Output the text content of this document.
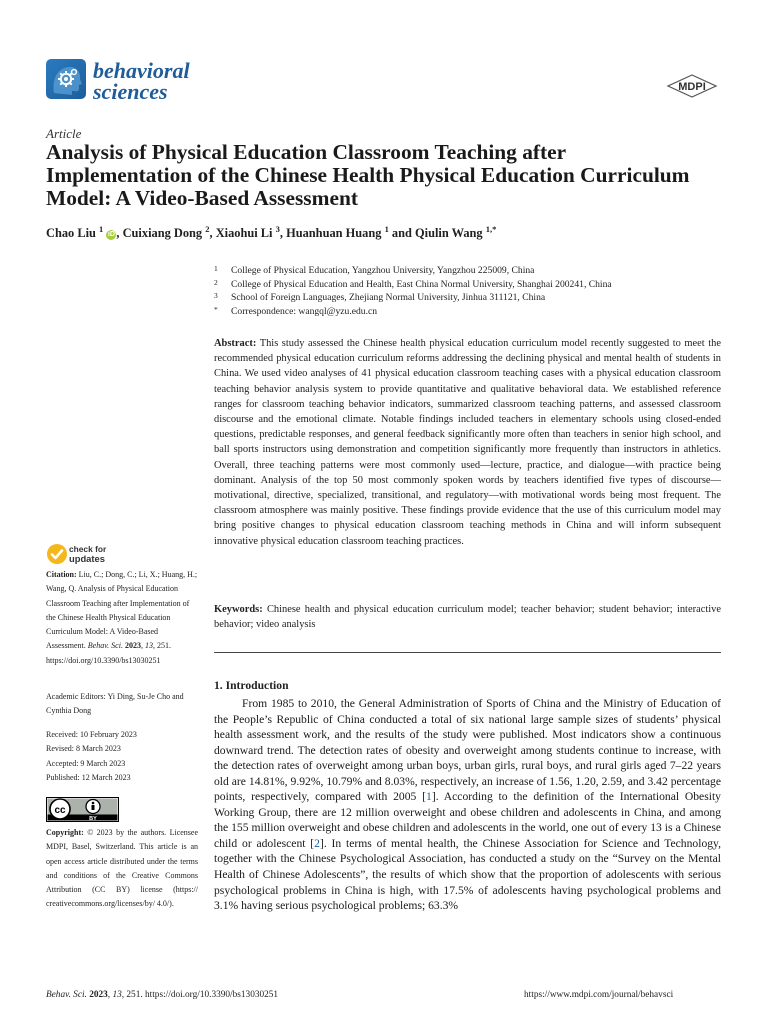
behavioral
sciences	MDPI
Article
Analysis of Physical Education Classroom Teaching after Implementation of the Chinese Health Physical Education Curriculum Model: A Video-Based Assessment
Chao Liu $^1$ iD , Cuixiang Dong $^2$, Xiaohui Li $^3$, Huanhuan Huang $^1$ and Qiulin Wang $^{1,*}$
1 College of Physical Education, Yangzhou University, Yangzhou 225009, China
2 College of Physical Education and Health, East China Normal University, Shanghai 200241, China
3 School of Foreign Languages, Zhejiang Normal University, Jinhua 311121, China
* Correspondence: wangql@yzu.edu.cn
Abstract: This study assessed the Chinese health physical education curriculum model recently suggested to meet the recommended physical education curriculum reforms addressing the declining physical and mental health of students in China. We used video analyses of 41 physical education classroom teaching cases with a physical education classroom teaching behavior analysis system to provide quantitative and qualitative behavioral data. We established reference ranges for classroom teaching behavior indicators, summarized classroom teaching patterns, and assessed classroom discourse and the emotional climate. Notable findings included teachers in elementary schools using closed-ended questions, predictable responses, and general feedback significantly more often than teachers in senior high school, and ball sports instructors using demonstration and competition significantly more frequently than instructors in athletics. Overall, three teaching patterns were most commonly used—lecture, practice, and dialogue—with practice being dominant. Analysis of the top 50 most commonly spoken words by teachers identified five types of discourse—motivational, directive, specialized, transitional, and regulatory—with motivational words being most frequent. The classroom atmosphere was mainly positive. These findings provide evidence that the use of this curriculum model may bring positive changes to physical education classroom teaching methods in China and will inform subsequent innovative physical education classroom teaching practices.
Keywords: Chinese health and physical education curriculum model; teacher behavior; student behavior; interactive behavior; video analysis
1. Introduction
From 1985 to 2010, the General Administration of Sports of China and the Ministry of Education of the People’s Republic of China conducted a total of six national large sample sizes of students’ physical health assessment work, and the results of the study were published. Most indicators show a continuous downward trend. The detection rates of obesity and overweight among students continue to increase, with the detection rates of overweight among urban boys, urban girls, rural boys, and rural girls aged 7–22 years old are 14.81%, 9.92%, 10.79% and 8.03%, respectively, an increase of 1.56, 1.20, 2.59, and 3.42 percentage points, respectively, compared with 2005 [1]. According to the definition of the International Obesity Working Group, there are 12 million overweight and obese children and adolescents in China, and among the 155 million overweight and obese children and adolescents in the world, one out of every 13 is a Chinese child or adolescent [2]. In terms of mental health, the Chinese Association for Science and Technology, together with the Chinese Psychological Association, has conducted a study on the “Survey on the Mental Health of Chinese Adolescents”, the results of which show that the proportion of adolescents with serious psychological problems in China is high, with 17.5% of adolescents having psychological problems and 3.1% having serious psychological problems; 63.3%
check for
updates
Citation: Liu, C.; Dong, C.; Li, X.; Huang, H.; Wang, Q. Analysis of Physical Education Classroom Teaching after Implementation of the Chinese Health Physical Education Curriculum Model: A Video-Based Assessment. Behav. Sci. 2023, 13, 251. https://doi.org/10.3390/bs13030251
Academic Editors: Yi Ding, Su-Je Cho and Cynthia Dong
Received: 10 February 2023
Revised: 8 March 2023
Accepted: 9 March 2023
Published: 12 March 2023
cc
BY
Copyright: © 2023 by the authors. Licensee MDPI, Basel, Switzerland. This article is an open access article distributed under the terms and conditions of the Creative Commons Attribution (CC BY) license (https:// creativecommons.org/licenses/by/ 4.0/).
Behav. Sci. 2023, 13, 251. https://doi.org/10.3390/bs13030251	https://www.mdpi.com/journal/behavsci
